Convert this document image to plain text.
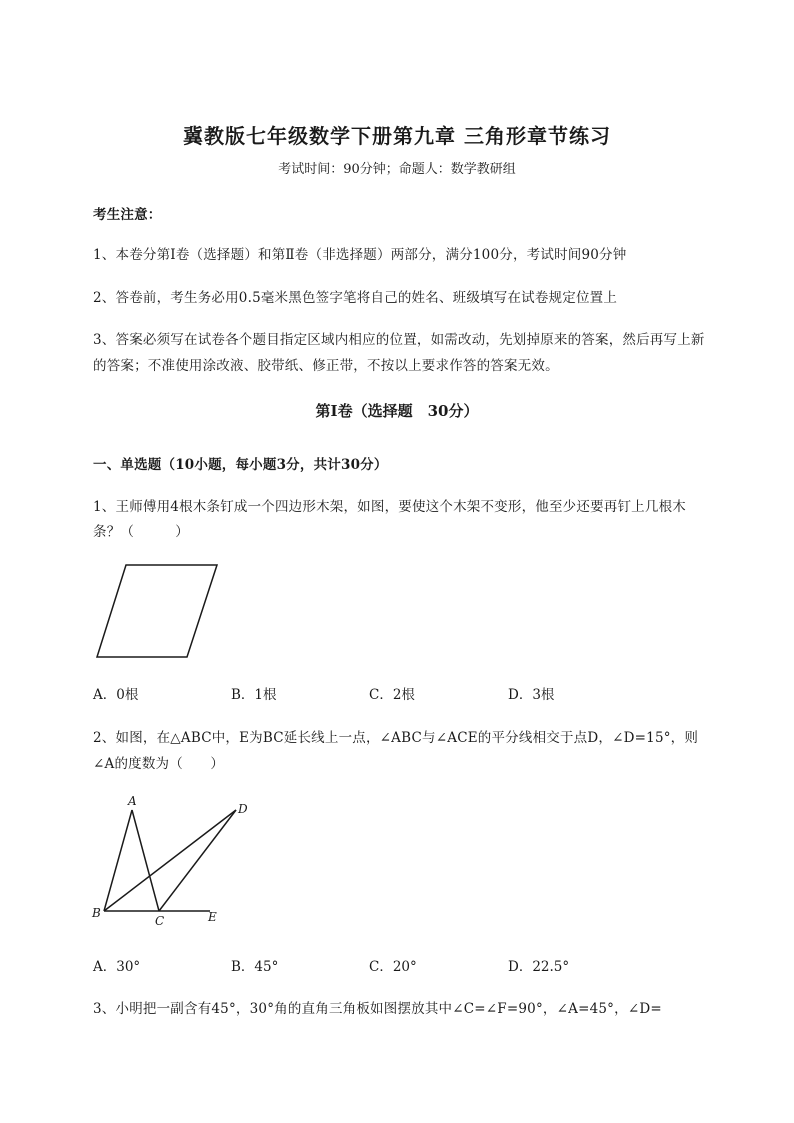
冀教版七年级数学下册第九章 三角形章节练习
考试时间：90分钟；命题人：数学教研组
考生注意：
1、本卷分第I卷（选择题）和第Ⅱ卷（非选择题）两部分，满分100分，考试时间90分钟
2、答卷前，考生务必用0.5毫米黑色签字笔将自己的姓名、班级填写在试卷规定位置上
3、答案必须写在试卷各个题目指定区域内相应的位置，如需改动，先划掉原来的答案，然后再写上新
的答案；不准使用涂改液、胶带纸、修正带，不按以上要求作答的答案无效。
第I卷（选择题　30分）
一、单选题（10小题，每小题3分，共计30分）
1、王师傅用4根木条钉成一个四边形木架，如图，要使这个木架不变形，他至少还要再钉上几根木
条？（　　　）
A．0根	B．1根	C．2根	D．3根
2、如图，在△ABC中，E为BC延长线上一点，∠ABC与∠ACE的平分线相交于点D，∠D=15°，则
∠A的度数为（　　）
A
B
C
D
E
A．30°	B．45°	C．20°	D．22.5°
3、小明把一副含有45°，30°角的直角三角板如图摆放其中∠C=∠F=90°，∠A=45°，∠D=
